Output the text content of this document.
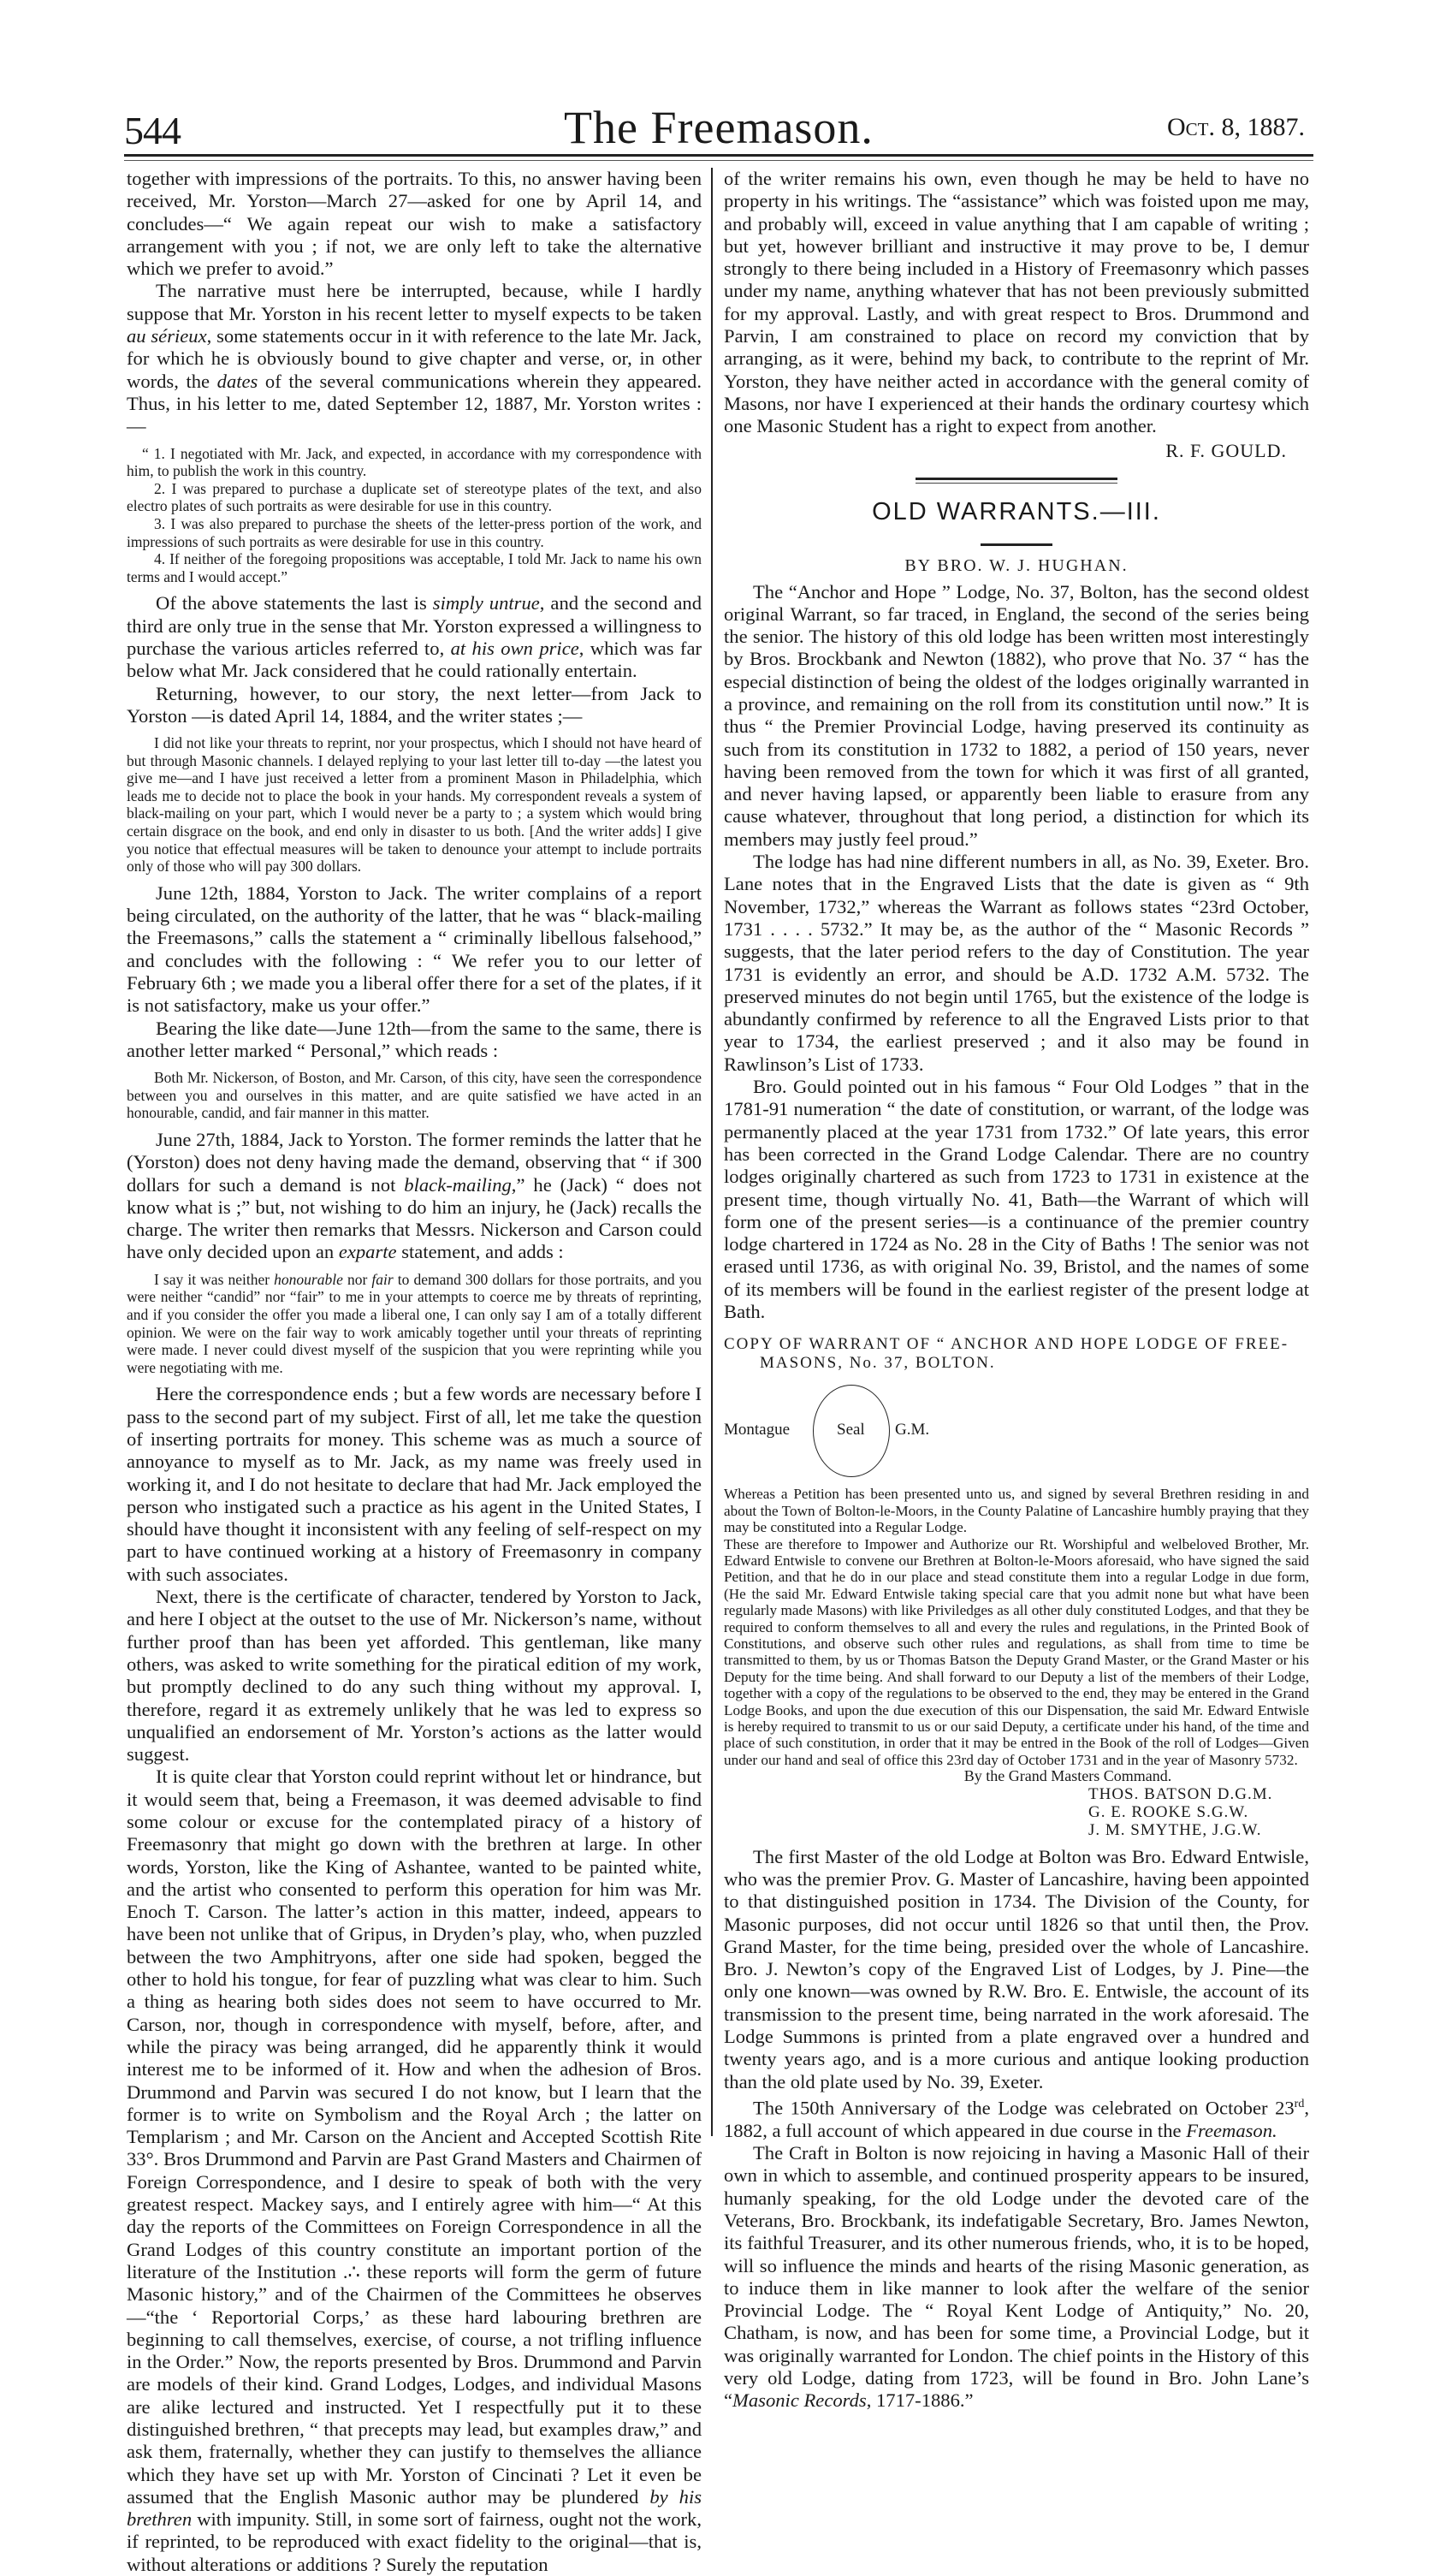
544	The Freemason.	Oct. 8, 1887.

together with impressions of the portraits. To this, no answer having been received, Mr. Yorston—March 27—asked for one by April 14, and concludes—“ We again repeat our wish to make a satisfactory arrangement with you ; if not, we are only left to take the alternative which we prefer to avoid.”

The narrative must here be interrupted, because, while I hardly suppose that Mr. Yorston in his recent letter to myself expects to be taken au sérieux, some statements occur in it with reference to the late Mr. Jack, for which he is obviously bound to give chapter and verse, or, in other words, the dates of the several communications wherein they appeared. Thus, in his letter to me, dated September 12, 1887, Mr. Yorston writes :—

“ 1. I negotiated with Mr. Jack, and expected, in accordance with my correspondence with him, to publish the work in this country.

2. I was prepared to purchase a duplicate set of stereotype plates of the text, and also electro plates of such portraits as were desirable for use in this country.

3. I was also prepared to purchase the sheets of the letter-press portion of the work, and impressions of such portraits as were desirable for use in this country.

4. If neither of the foregoing propositions was acceptable, I told Mr. Jack to name his own terms and I would accept.”

Of the above statements the last is simply untrue, and the second and third are only true in the sense that Mr. Yorston expressed a willingness to purchase the various articles referred to, at his own price, which was far below what Mr. Jack considered that he could rationally entertain.

Returning, however, to our story, the next letter—from Jack to Yorston —is dated April 14, 1884, and the writer states ;—

I did not like your threats to reprint, nor your prospectus, which I should not have heard of but through Masonic channels. I delayed replying to your last letter till to-day —the latest you give me—and I have just received a letter from a prominent Mason in Philadelphia, which leads me to decide not to place the book in your hands. My correspondent reveals a system of black-mailing on your part, which I would never be a party to ; a system which would bring certain disgrace on the book, and end only in disaster to us both. [And the writer adds] I give you notice that effectual measures will be taken to denounce your attempt to include portraits only of those who will pay 300 dollars.

June 12th, 1884, Yorston to Jack. The writer complains of a report being circulated, on the authority of the latter, that he was “ black-mailing the Freemasons,” calls the statement a “ criminally libellous falsehood,” and concludes with the following : “ We refer you to our letter of February 6th ; we made you a liberal offer there for a set of the plates, if it is not satisfactory, make us your offer.”

Bearing the like date—June 12th—from the same to the same, there is another letter marked “ Personal,” which reads :

Both Mr. Nickerson, of Boston, and Mr. Carson, of this city, have seen the correspondence between you and ourselves in this matter, and are quite satisfied we have acted in an honourable, candid, and fair manner in this matter.

June 27th, 1884, Jack to Yorston. The former reminds the latter that he (Yorston) does not deny having made the demand, observing that “ if 300 dollars for such a demand is not black-mailing,” he (Jack) “ does not know what is ;” but, not wishing to do him an injury, he (Jack) recalls the charge. The writer then remarks that Messrs. Nickerson and Carson could have only decided upon an exparte statement, and adds :

I say it was neither honourable nor fair to demand 300 dollars for those portraits, and you were neither “candid” nor “fair” to me in your attempts to coerce me by threats of reprinting, and if you consider the offer you made a liberal one, I can only say I am of a totally different opinion. We were on the fair way to work amicably together until your threats of reprinting were made. I never could divest myself of the suspicion that you were reprinting while you were negotiating with me.

Here the correspondence ends ; but a few words are necessary before I pass to the second part of my subject. First of all, let me take the question of inserting portraits for money. This scheme was as much a source of annoyance to myself as to Mr. Jack, as my name was freely used in working it, and I do not hesitate to declare that had Mr. Jack employed the person who instigated such a practice as his agent in the United States, I should have thought it inconsistent with any feeling of self-respect on my part to have continued working at a history of Freemasonry in company with such associates.

Next, there is the certificate of character, tendered by Yorston to Jack, and here I object at the outset to the use of Mr. Nickerson’s name, without further proof than has been yet afforded. This gentleman, like many others, was asked to write something for the piratical edition of my work, but promptly declined to do any such thing without my approval. I, therefore, regard it as extremely unlikely that he was led to express so unqualified an endorsement of Mr. Yorston’s actions as the latter would suggest.

It is quite clear that Yorston could reprint without let or hindrance, but it would seem that, being a Freemason, it was deemed advisable to find some colour or excuse for the contemplated piracy of a history of Freemasonry that might go down with the brethren at large. In other words, Yorston, like the King of Ashantee, wanted to be painted white, and the artist who consented to perform this operation for him was Mr. Enoch T. Carson. The latter’s action in this matter, indeed, appears to have been not unlike that of Gripus, in Dryden’s play, who, when puzzled between the two Amphitryons, after one side had spoken, begged the other to hold his tongue, for fear of puzzling what was clear to him. Such a thing as hearing both sides does not seem to have occurred to Mr. Carson, nor, though in correspondence with myself, before, after, and while the piracy was being arranged, did he apparently think it would interest me to be informed of it. How and when the adhesion of Bros. Drummond and Parvin was secured I do not know, but I learn that the former is to write on Symbolism and the Royal Arch ; the latter on Templarism ; and Mr. Carson on the Ancient and Accepted Scottish Rite 33°. Bros Drummond and Parvin are Past Grand Masters and Chairmen of Foreign Correspondence, and I desire to speak of both with the very greatest respect. Mackey says, and I entirely agree with him—“ At this day the reports of the Committees on Foreign Correspondence in all the Grand Lodges of this country constitute an important portion of the literature of the Institution .∴ these reports will form the germ of future Masonic history,” and of the Chairmen of the Committees he observes—“the ‘ Reportorial Corps,’ as these hard labouring brethren are beginning to call themselves, exercise, of course, a not trifling influence in the Order.” Now, the reports presented by Bros. Drummond and Parvin are models of their kind. Grand Lodges, Lodges, and individual Masons are alike lectured and instructed. Yet I respectfully put it to these distinguished brethren, “ that precepts may lead, but examples draw,” and ask them, fraternally, whether they can justify to themselves the alliance which they have set up with Mr. Yorston of Cincinati ? Let it even be assumed that the English Masonic author may be plundered by his brethren with impunity. Still, in some sort of fairness, ought not the work, if reprinted, to be reproduced with exact fidelity to the original—that is, without alterations or additions ? Surely the reputation

of the writer remains his own, even though he may be held to have no property in his writings. The “assistance” which was foisted upon me may, and probably will, exceed in value anything that I am capable of writing ; but yet, however brilliant and instructive it may prove to be, I demur strongly to there being included in a History of Freemasonry which passes under my name, anything whatever that has not been previously submitted for my approval. Lastly, and with great respect to Bros. Drummond and Parvin, I am constrained to place on record my conviction that by arranging, as it were, behind my back, to contribute to the reprint of Mr. Yorston, they have neither acted in accordance with the general comity of Masons, nor have I experienced at their hands the ordinary courtesy which one Masonic Student has a right to expect from another.

R. F. GOULD.
OLD WARRANTS.—III.
BY BRO. W. J. HUGHAN.

The “Anchor and Hope ” Lodge, No. 37, Bolton, has the second oldest original Warrant, so far traced, in England, the second of the series being the senior. The history of this old lodge has been written most interestingly by Bros. Brockbank and Newton (1882), who prove that No. 37 “ has the especial distinction of being the oldest of the lodges originally warranted in a province, and remaining on the roll from its constitution until now.” It is thus “ the Premier Provincial Lodge, having preserved its continuity as such from its constitution in 1732 to 1882, a period of 150 years, never having been removed from the town for which it was first of all granted, and never having lapsed, or apparently been liable to erasure from any cause whatever, throughout that long period, a distinction for which its members may justly feel proud.”

The lodge has had nine different numbers in all, as No. 39, Exeter. Bro. Lane notes that in the Engraved Lists that the date is given as “ 9th November, 1732,” whereas the Warrant as follows states “23rd October, 1731 . . . . 5732.” It may be, as the author of the “ Masonic Records ” suggests, that the later period refers to the day of Constitution. The year 1731 is evidently an error, and should be A.D. 1732 A.M. 5732. The preserved minutes do not begin until 1765, but the existence of the lodge is abundantly confirmed by reference to all the Engraved Lists prior to that year to 1734, the earliest preserved ; and it also may be found in Rawlinson’s List of 1733.

Bro. Gould pointed out in his famous “ Four Old Lodges ” that in the 1781-91 numeration “ the date of constitution, or warrant, of the lodge was permanently placed at the year 1731 from 1732.” Of late years, this error has been corrected in the Grand Lodge Calendar. There are no country lodges originally chartered as such from 1723 to 1731 in existence at the present time, though virtually No. 41, Bath—the Warrant of which will form one of the present series—is a continuance of the premier country lodge chartered in 1724 as No. 28 in the City of Baths ! The senior was not erased until 1736, as with original No. 39, Bristol, and the names of some of its members will be found in the earliest register of the present lodge at Bath.

COPY OF WARRANT OF “ ANCHOR AND HOPE LODGE OF FREE-
MASONS, No. 37, BOLTON.
Montague	Seal G.M.

Whereas a Petition has been presented unto us, and signed by several Brethren residing in and about the Town of Bolton-le-Moors, in the County Palatine of Lancashire humbly praying that they may be constituted into a Regular Lodge.

These are therefore to Impower and Authorize our Rt. Worshipful and welbeloved Brother, Mr. Edward Entwisle to convene our Brethren at Bolton-le-Moors aforesaid, who have signed the said Petition, and that he do in our place and stead constitute them into a regular Lodge in due form, (He the said Mr. Edward Entwisle taking special care that you admit none but what have been regularly made Masons) with like Priviledges as all other duly constituted Lodges, and that they be required to conform themselves to all and every the rules and regulations, in the Printed Book of Constitutions, and observe such other rules and regulations, as shall from time to time be transmitted to them, by us or Thomas Batson the Deputy Grand Master, or the Grand Master or his Deputy for the time being. And shall forward to our Deputy a list of the members of their Lodge, together with a copy of the regulations to be observed to the end, they may be entered in the Grand Lodge Books, and upon the due execution of this our Dispensation, the said Mr. Edward Entwisle is hereby required to transmit to us or our said Deputy, a certificate under his hand, of the time and place of such constitution, in order that it may be entred in the Book of the roll of Lodges—Given under our hand and seal of office this 23rd day of October 1731 and in the year of Masonry 5732.

By the Grand Masters Command.
THOS. BATSON D.G.M.
G. E. ROOKE S.G.W.
J. M. SMYTHE, J.G.W.

The first Master of the old Lodge at Bolton was Bro. Edward Entwisle, who was the premier Prov. G. Master of Lancashire, having been appointed to that distinguished position in 1734. The Division of the County, for Masonic purposes, did not occur until 1826 so that until then, the Prov. Grand Master, for the time being, presided over the whole of Lancashire. Bro. J. Newton’s copy of the Engraved List of Lodges, by J. Pine—the only one known—was owned by R.W. Bro. E. Entwisle, the account of its transmission to the present time, being narrated in the work aforesaid. The Lodge Summons is printed from a plate engraved over a hundred and twenty years ago, and is a more curious and antique looking production than the old plate used by No. 39, Exeter.

The 150th Anniversary of the Lodge was celebrated on October 23rd, 1882, a full account of which appeared in due course in the Freemason.

The Craft in Bolton is now rejoicing in having a Masonic Hall of their own in which to assemble, and continued prosperity appears to be insured, humanly speaking, for the old Lodge under the devoted care of the Veterans, Bro. Brockbank, its indefatigable Secretary, Bro. James Newton, its faithful Treasurer, and its other numerous friends, who, it is to be hoped, will so influence the minds and hearts of the rising Masonic generation, as to induce them in like manner to look after the welfare of the senior Provincial Lodge. The “ Royal Kent Lodge of Antiquity,” No. 20, Chatham, is now, and has been for some time, a Provincial Lodge, but it was originally warranted for London. The chief points in the History of this very old Lodge, dating from 1723, will be found in Bro. John Lane’s “Masonic Records, 1717-1886.”
